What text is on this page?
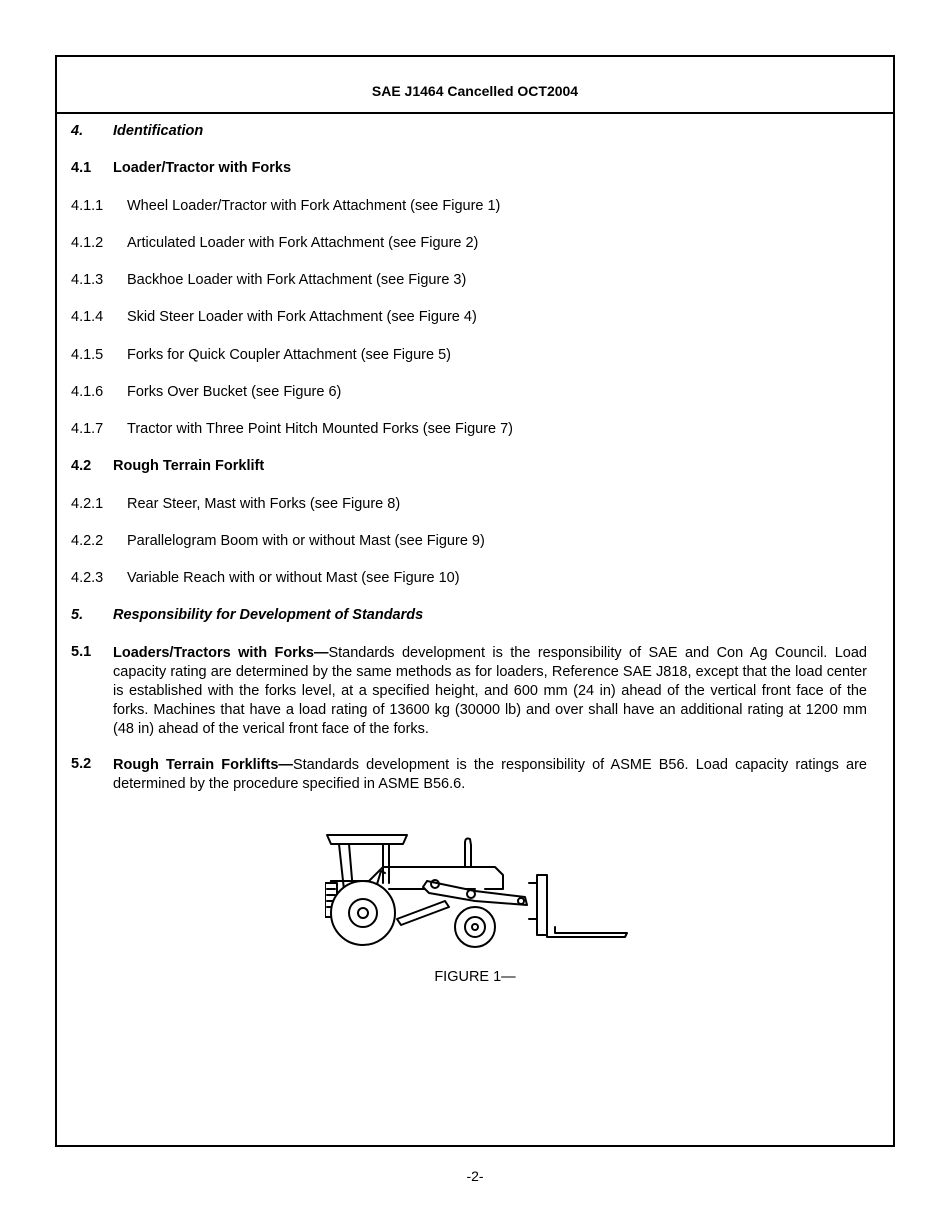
SAE J1464 Cancelled OCT2004
4. Identification
4.1 Loader/Tractor with Forks
4.1.1 Wheel Loader/Tractor with Fork Attachment (see Figure 1)
4.1.2 Articulated Loader with Fork Attachment (see Figure 2)
4.1.3 Backhoe Loader with Fork Attachment (see Figure 3)
4.1.4 Skid Steer Loader with Fork Attachment (see Figure 4)
4.1.5 Forks for Quick Coupler Attachment (see Figure 5)
4.1.6 Forks Over Bucket (see Figure 6)
4.1.7 Tractor with Three Point Hitch Mounted Forks (see Figure 7)
4.2 Rough Terrain Forklift
4.2.1 Rear Steer, Mast with Forks (see Figure 8)
4.2.2 Parallelogram Boom with or without Mast (see Figure 9)
4.2.3 Variable Reach with or without Mast (see Figure 10)
5. Responsibility for Development of Standards
5.1 Loaders/Tractors with Forks—Standards development is the responsibility of SAE and Con Ag Council. Load capacity rating are determined by the same methods as for loaders, Reference SAE J818, except that the load center is established with the forks level, at a specified height, and 600 mm (24 in) ahead of the vertical front face of the forks. Machines that have a load rating of 13600 kg (30000 lb) and over shall have an additional rating at 1200 mm (48 in) ahead of the verical front face of the forks.
5.2 Rough Terrain Forklifts—Standards development is the responsibility of ASME B56. Load capacity ratings are determined by the procedure specified in ASME B56.6.
FIGURE 1—
-2-
